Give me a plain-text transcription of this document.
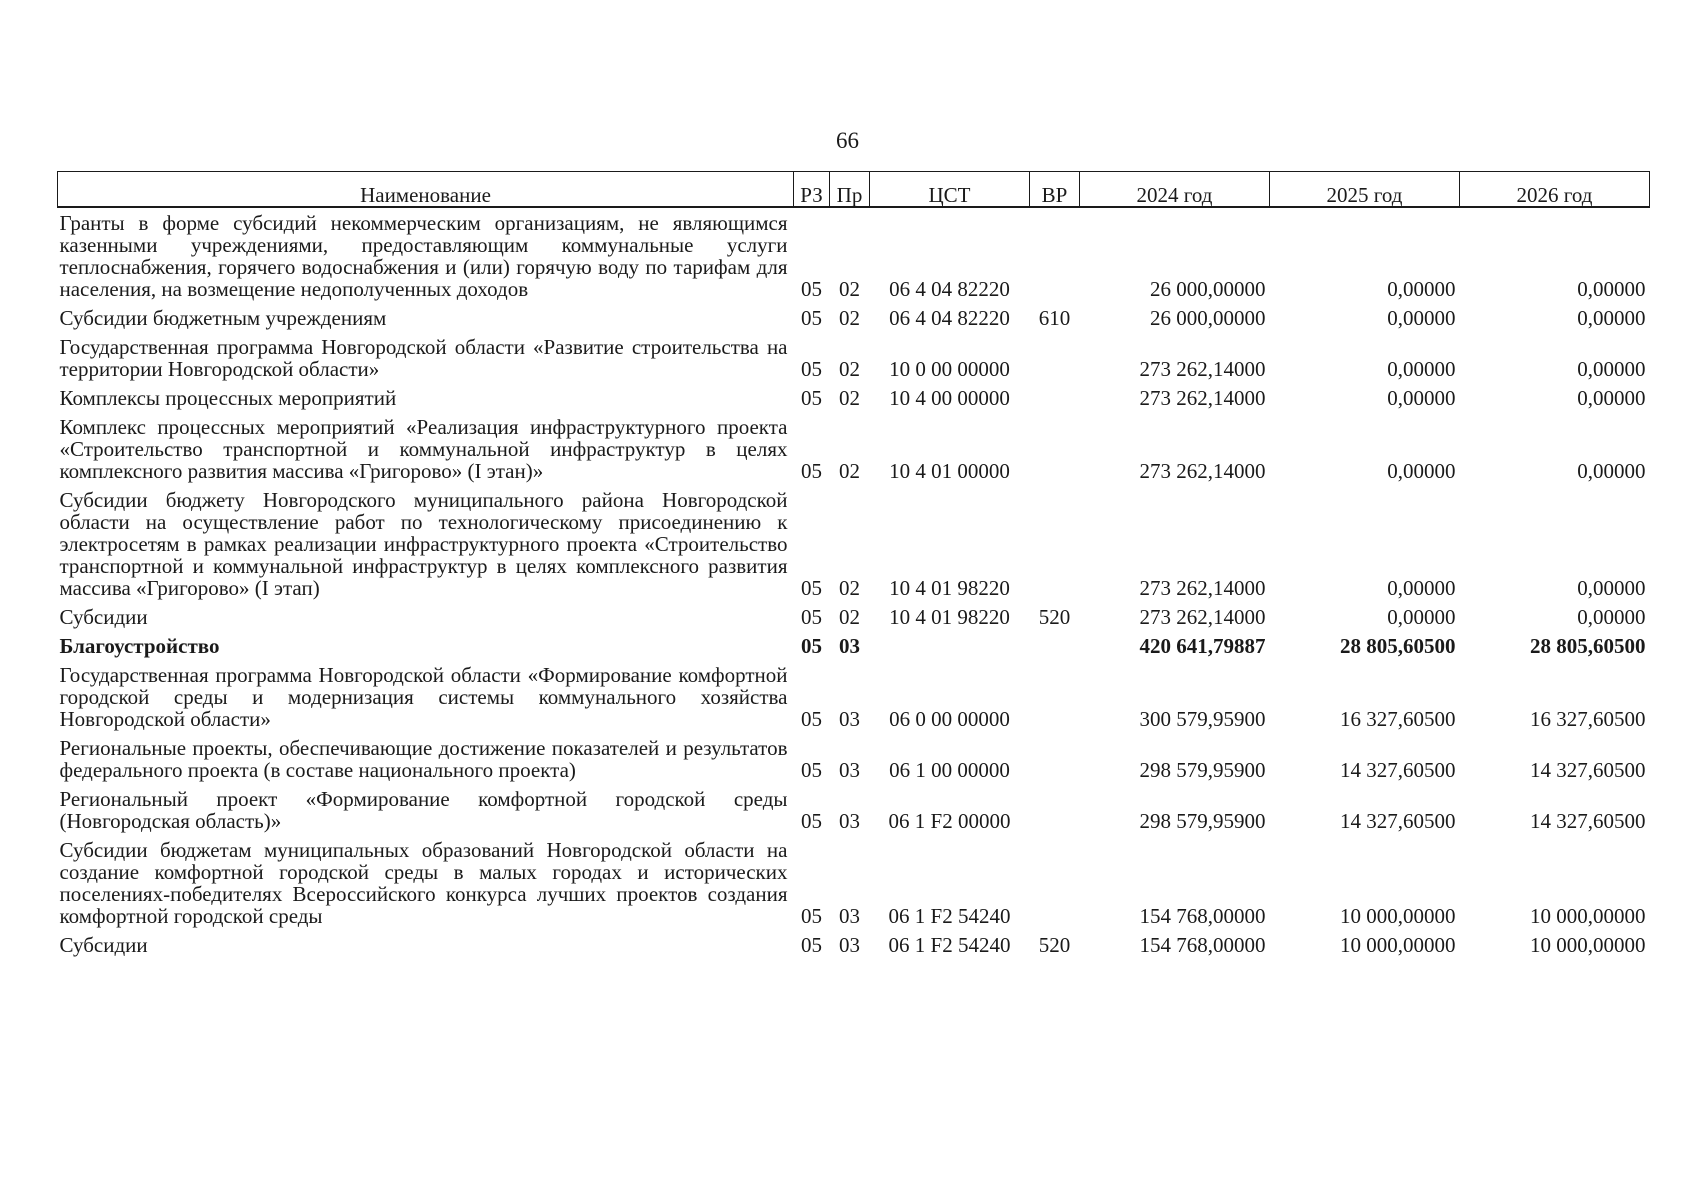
66
Наименование	РЗ	Пр	ЦСТ	ВР	2024 год	2025 год	2026 год
Гранты в форме субсидий некоммерческим организациям, не являющимся казенными учреждениями, предоставляющим коммунальные услуги теплоснабжения, горячего водоснабжения и (или) горячую воду по тарифам для населения, на возмещение недополученных доходов	05	02	06 4 04 82220		26 000,00000	0,00000	0,00000
Субсидии бюджетным учреждениям	05	02	06 4 04 82220	610	26 000,00000	0,00000	0,00000
Государственная программа Новгородской области «Развитие строительства на территории Новгородской области»	05	02	10 0 00 00000		273 262,14000	0,00000	0,00000
Комплексы процессных мероприятий	05	02	10 4 00 00000		273 262,14000	0,00000	0,00000
Комплекс процессных мероприятий «Реализация инфраструктурного проекта «Строительство транспортной и коммунальной инфраструктур в целях комплексного развития массива «Григорово» (I этан)»	05	02	10 4 01 00000		273 262,14000	0,00000	0,00000
Субсидии бюджету Новгородского муниципального района Новгородской области на осуществление работ по технологическому присоединению к электросетям в рамках реализации инфраструктурного проекта «Строительство транспортной и коммунальной инфраструктур в целях комплексного развития массива «Григорово» (I этап)	05	02	10 4 01 98220		273 262,14000	0,00000	0,00000
Субсидии	05	02	10 4 01 98220	520	273 262,14000	0,00000	0,00000
Благоустройство	05	03			420 641,79887	28 805,60500	28 805,60500
Государственная программа Новгородской области «Формирование комфортной городской среды и модернизация системы коммунального хозяйства Новгородской области»	05	03	06 0 00 00000		300 579,95900	16 327,60500	16 327,60500
Региональные проекты, обеспечивающие достижение показателей и результатов федерального проекта (в составе национального проекта)	05	03	06 1 00 00000		298 579,95900	14 327,60500	14 327,60500
Региональный проект «Формирование комфортной городской среды (Новгородская область)»	05	03	06 1 F2 00000		298 579,95900	14 327,60500	14 327,60500
Субсидии бюджетам муниципальных образований Новгородской области на создание комфортной городской среды в малых городах и исторических поселениях-победителях Всероссийского конкурса лучших проектов создания комфортной городской среды	05	03	06 1 F2 54240		154 768,00000	10 000,00000	10 000,00000
Субсидии	05	03	06 1 F2 54240	520	154 768,00000	10 000,00000	10 000,00000
